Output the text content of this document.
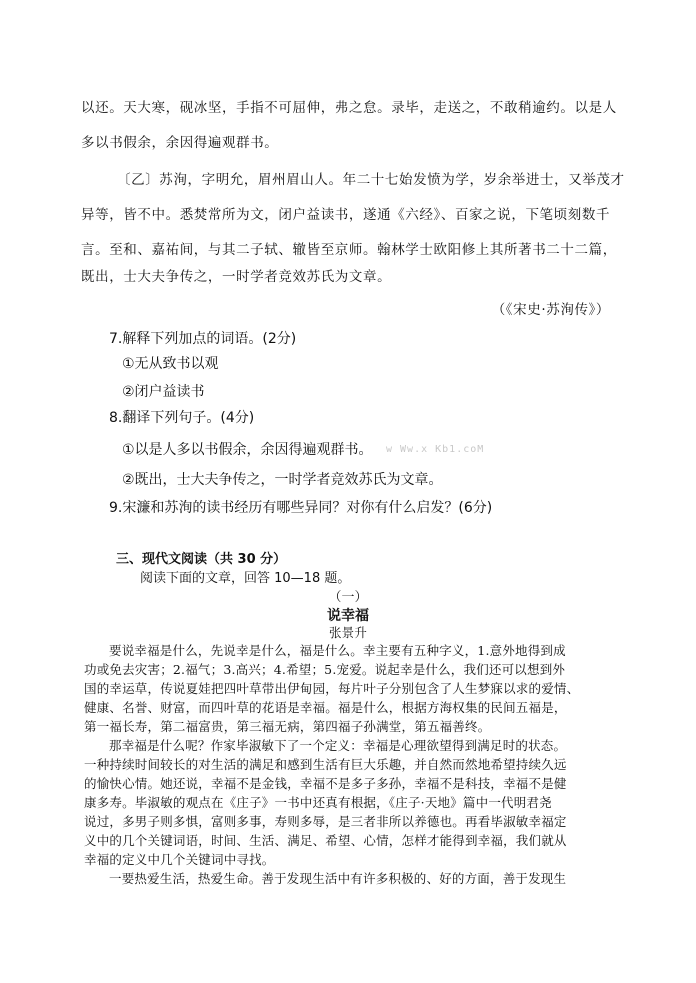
以还。天大寒，砚冰坚，手指不可屈伸，弗之怠。录毕，走送之，不敢稍逾约。以是人
多以书假余，余因得遍观群书。
〔乙〕苏洵，字明允，眉州眉山人。年二十七始发愤为学，岁余举进士，又举茂才
异等，皆不中。悉焚常所为文，闭户益读书，遂通《六经》、百家之说，下笔顷刻数千
言。至和、嘉祐间，与其二子轼、辙皆至京师。翰林学士欧阳修上其所著书二十二篇，
既出，士大夫争传之，一时学者竞效苏氏为文章。
（《宋史·苏洵传》）
7.解释下列加点的词语。(2分)
①无从致书以观
②闭户益读书
8.翻译下列句子。(4分)
①以是人多以书假余，余因得遍观群书。 w Ww.x Kb1.coM
②既出，士大夫争传之，一时学者竞效苏氏为文章。
9.宋濂和苏洵的读书经历有哪些异同？对你有什么启发？(6分)
三、现代文阅读（共 30 分）
阅读下面的文章，回答 10—18 题。
（一）
说幸福
张景升
要说幸福是什么，先说幸是什么，福是什么。幸主要有五种字义，1.意外地得到成
功或免去灾害；2.福气；3.高兴；4.希望；5.宠爱。说起幸是什么，我们还可以想到外
国的幸运草，传说夏娃把四叶草带出伊甸园，每片叶子分别包含了人生梦寐以求的爱情、
健康、名誉、财富，而四叶草的花语是幸福。福是什么，根据方海权集的民间五福是，
第一福长寿，第二福富贵，第三福无病，第四福子孙满堂，第五福善终。
那幸福是什么呢？作家毕淑敏下了一个定义：幸福是心理欲望得到满足时的状态。
一种持续时间较长的对生活的满足和感到生活有巨大乐趣，并自然而然地希望持续久远
的愉快心情。她还说，幸福不是金钱，幸福不是多子多孙，幸福不是科技，幸福不是健
康多寿。毕淑敏的观点在《庄子》一书中还真有根据，《庄子·天地》篇中一代明君尧
说过，多男子则多惧，富则多事，寿则多辱，是三者非所以养德也。再看毕淑敏幸福定
义中的几个关键词语，时间、生活、满足、希望、心情，怎样才能得到幸福，我们就从
幸福的定义中几个关键词中寻找。
一要热爱生活，热爱生命。善于发现生活中有许多积极的、好的方面，善于发现生
